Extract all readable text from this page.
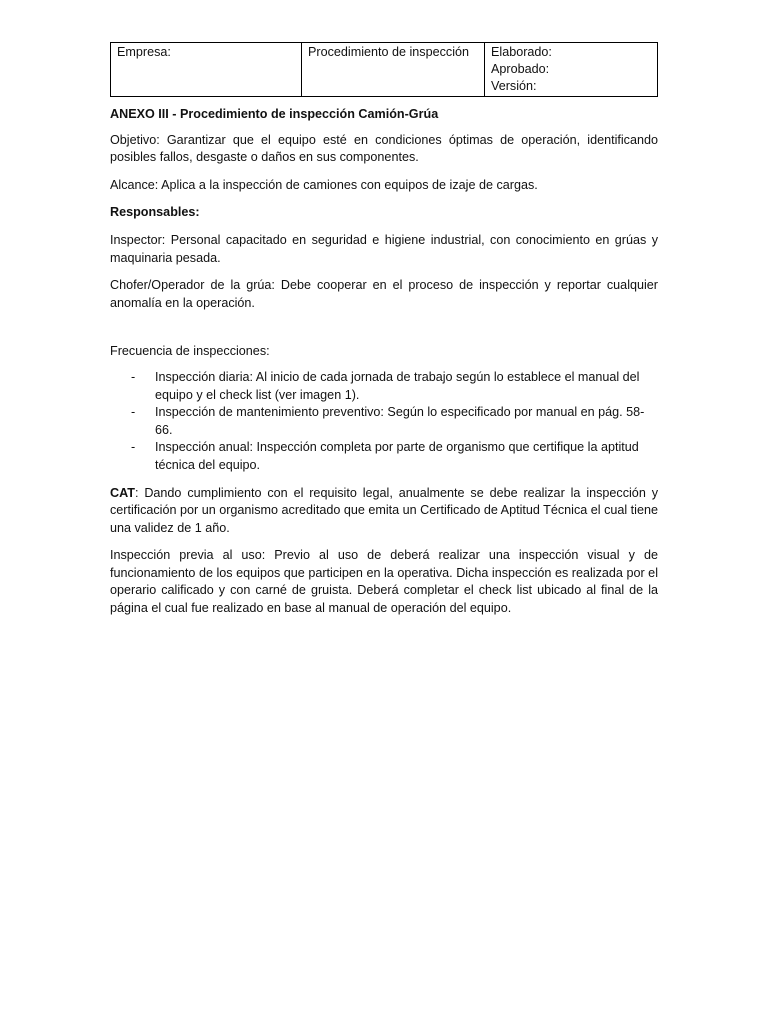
Empresa:	Procedimiento de inspección	Elaborado:
Aprobado:
Versión:

ANEXO III - Procedimiento de inspección Camión-Grúa

Objetivo: Garantizar que el equipo esté en condiciones óptimas de operación, identificando posibles fallos, desgaste o daños en sus componentes.

Alcance: Aplica a la inspección de camiones con equipos de izaje de cargas.

Responsables:

Inspector: Personal capacitado en seguridad e higiene industrial, con conocimiento en grúas y maquinaria pesada.

Chofer/Operador de la grúa: Debe cooperar en el proceso de inspección y reportar cualquier anomalía en la operación.

Frecuencia de inspecciones:

- Inspección diaria: Al inicio de cada jornada de trabajo según lo establece el manual del equipo y el check list (ver imagen 1).
- Inspección de mantenimiento preventivo: Según lo especificado por manual en pág. 58-66.
- Inspección anual: Inspección completa por parte de organismo que certifique la aptitud técnica del equipo.

CAT: Dando cumplimiento con el requisito legal, anualmente se debe realizar la inspección y certificación por un organismo acreditado que emita un Certificado de Aptitud Técnica el cual tiene una validez de 1 año.

Inspección previa al uso: Previo al uso de deberá realizar una inspección visual y de funcionamiento de los equipos que participen en la operativa. Dicha inspección es realizada por el operario calificado y con carné de gruista. Deberá completar el check list ubicado al final de la página el cual fue realizado en base al manual de operación del equipo.
